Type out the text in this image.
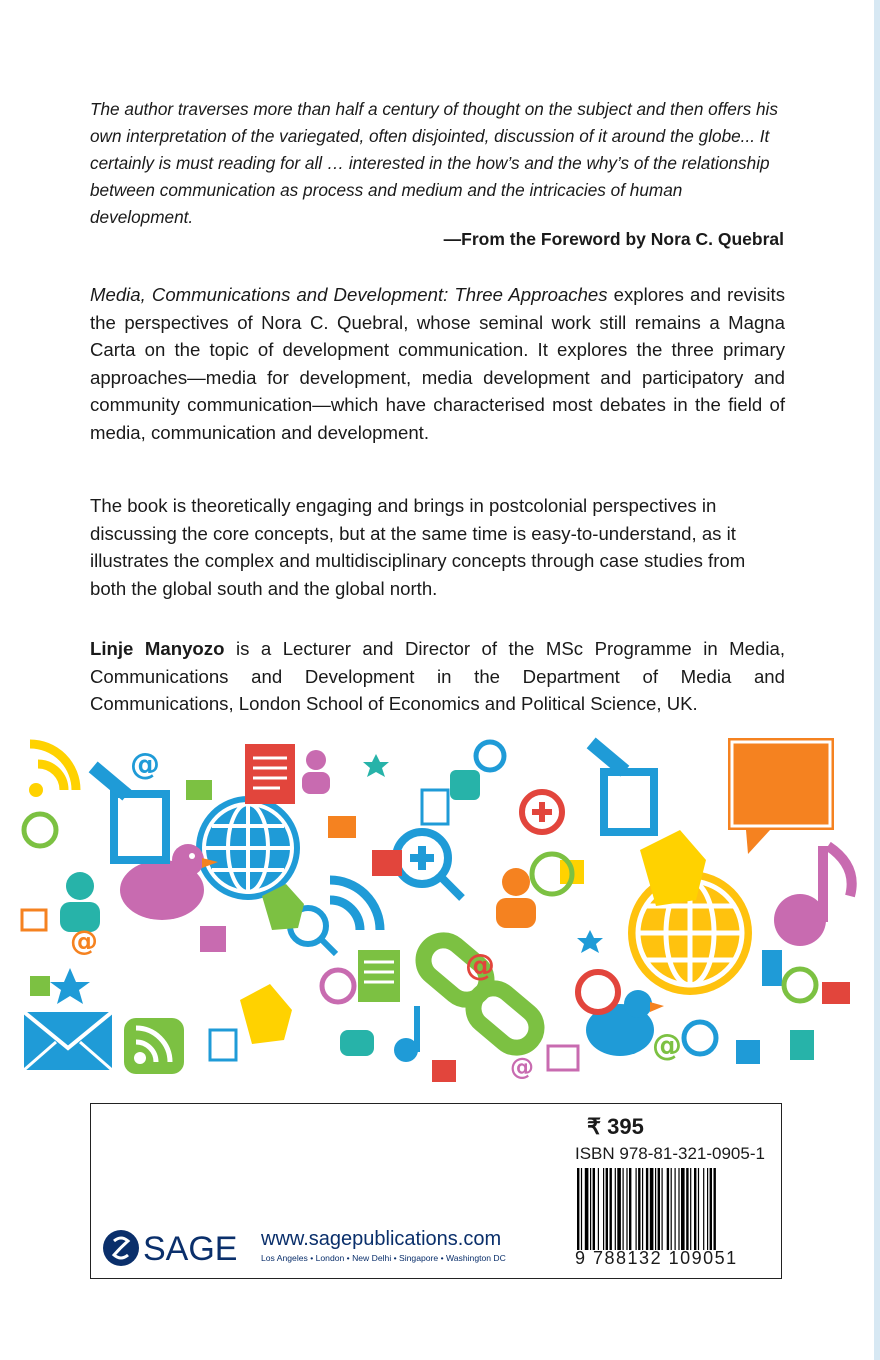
The author traverses more than half a century of thought on the subject and then offers his own interpretation of the variegated, often disjointed, discussion of it around the globe... It certainly is must reading for all … interested in the how’s and the why’s of the relationship between communication as process and medium and the intricacies of human development.
—From the Foreword by Nora C. Quebral
Media, Communications and Development: Three Approaches explores and revisits the perspectives of Nora C. Quebral, whose seminal work still remains a Magna Carta on the topic of development communication. It explores the three primary approaches—media for development, media development and participatory and community communication—which have characterised most debates in the field of media, communication and development.
The book is theoretically engaging and brings in postcolonial perspectives in discussing the core concepts, but at the same time is easy-to-understand, as it illustrates the complex and multidisciplinary concepts through case studies from both the global south and the global north.
Linje Manyozo is a Lecturer and Director of the MSc Programme in Media, Communications and Development in the Department of Media and Communications, London School of Economics and Political Science, UK.
@
@
@
@
@
₹ 395
ISBN 978-81-321-0905-1
9 788132 109051
SAGE www.sagepublications.com
Los Angeles • London • New Delhi • Singapore • Washington DC
